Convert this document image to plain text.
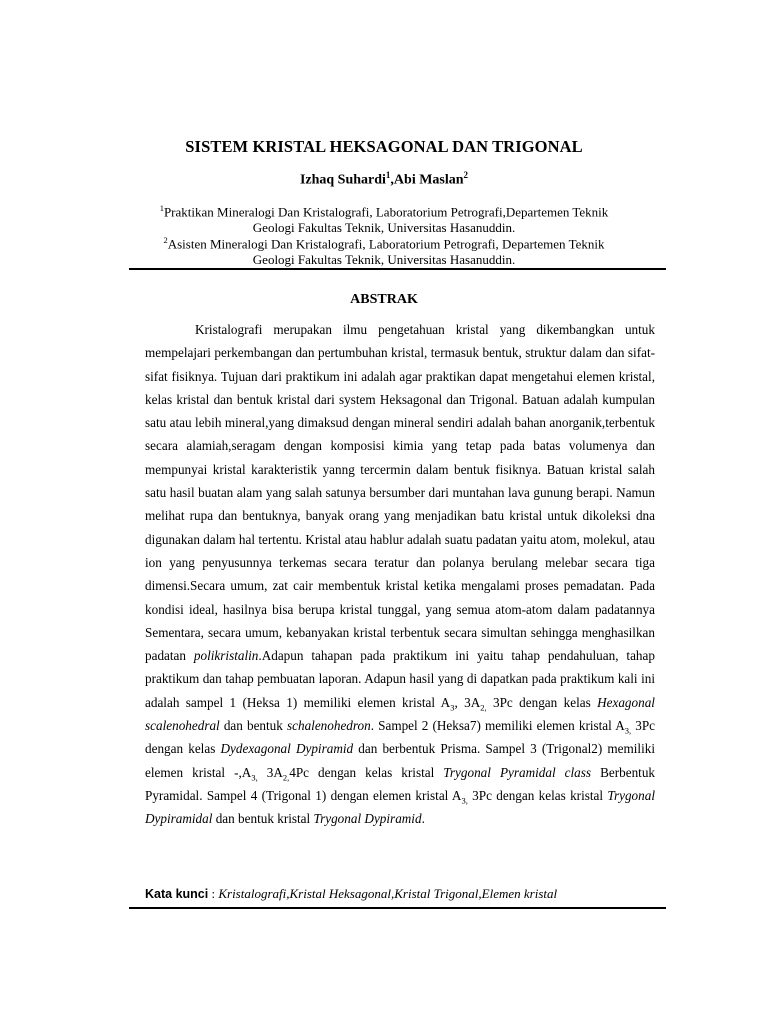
SISTEM KRISTAL HEKSAGONAL DAN TRIGONAL
Izhaq Suhardi$^1$,Abi Maslan$^2$
$^1$Praktikan Mineralogi Dan Kristalografi, Laboratorium Petrografi,Departemen Teknik
Geologi Fakultas Teknik, Universitas Hasanuddin.
$^2$Asisten Mineralogi Dan Kristalografi, Laboratorium Petrografi, Departemen Teknik
Geologi Fakultas Teknik, Universitas Hasanuddin.
ABSTRAK
Kristalografi merupakan ilmu pengetahuan kristal yang dikembangkan untuk mempelajari perkembangan dan pertumbuhan kristal, termasuk bentuk, struktur dalam dan sifat-sifat fisiknya. Tujuan dari praktikum ini adalah agar praktikan dapat mengetahui elemen kristal, kelas kristal dan bentuk kristal dari system Heksagonal dan Trigonal. Batuan adalah kumpulan satu atau lebih mineral,yang dimaksud dengan mineral sendiri adalah bahan anorganik,terbentuk secara alamiah,seragam dengan komposisi kimia yang tetap pada batas volumenya dan mempunyai kristal karakteristik yanng tercermin dalam bentuk fisiknya. Batuan kristal salah satu hasil buatan alam yang salah satunya bersumber dari muntahan lava gunung berapi. Namun melihat rupa dan bentuknya, banyak orang yang menjadikan batu kristal untuk dikoleksi dna digunakan dalam hal tertentu. Kristal atau hablur adalah suatu padatan yaitu atom, molekul, atau ion yang penyusunnya terkemas secara teratur dan polanya berulang melebar secara tiga dimensi.Secara umum, zat cair membentuk kristal ketika mengalami proses pemadatan. Pada kondisi ideal, hasilnya bisa berupa kristal tunggal, yang semua atom-atom dalam padatannya Sementara, secara umum, kebanyakan kristal terbentuk secara simultan sehingga menghasilkan padatan polikristalin.Adapun tahapan pada praktikum ini yaitu tahap pendahuluan, tahap praktikum dan tahap pembuatan laporan. Adapun hasil yang di dapatkan pada praktikum kali ini adalah sampel 1 (Heksa 1) memiliki elemen kristal $A_3$, $3A_{2,}$ 3Pc dengan kelas Hexagonal scalenohedral dan bentuk schalenohedron. Sampel 2 (Heksa7) memiliki elemen kristal $A_{3,}$ 3Pc dengan kelas Dydexagonal Dypiramid dan berbentuk Prisma. Sampel 3 (Trigonal2) memiliki elemen kristal $-,A_{3,}$ $3A_{2,}4Pc$ dengan kelas kristal Trygonal Pyramidal class Berbentuk Pyramidal. Sampel 4 (Trigonal 1) dengan elemen kristal $A_{3,}$ 3Pc dengan kelas kristal Trygonal Dypiramidal dan bentuk kristal Trygonal Dypiramid.
Kata kunci : Kristalografi,Kristal Heksagonal,Kristal Trigonal,Elemen kristal
